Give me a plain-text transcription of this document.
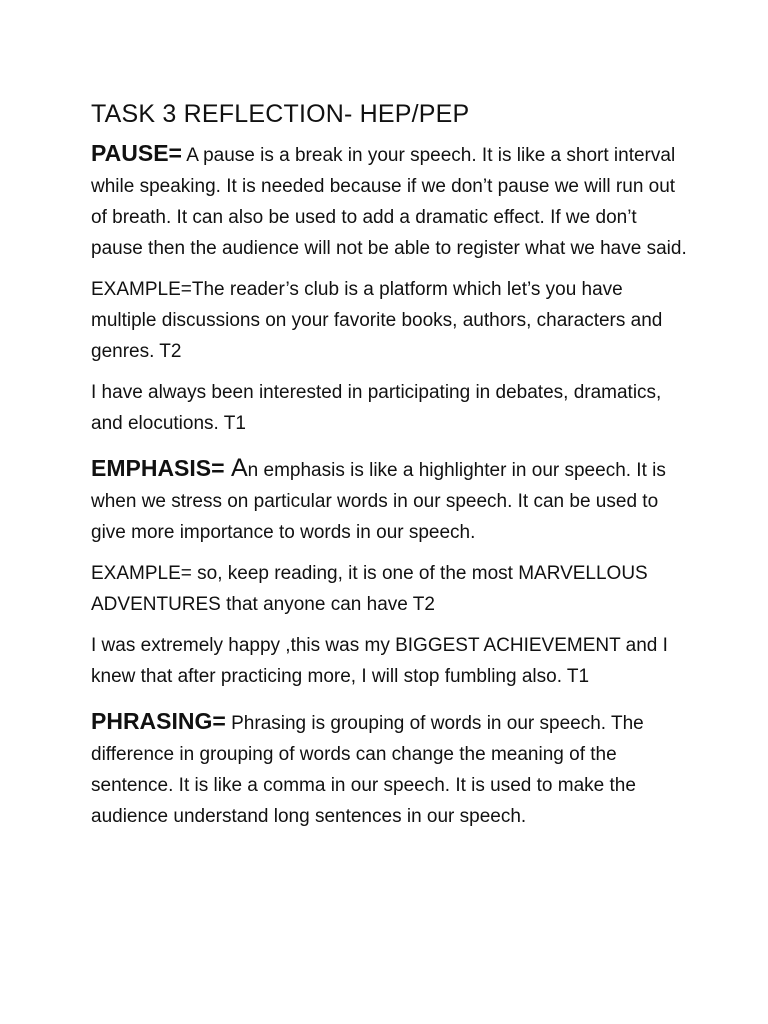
TASK 3 REFLECTION- HEP/PEP

PAUSE= A pause is a break in your speech. It is like a short interval while speaking. It is needed because if we don’t pause we will run out of breath. It can also be used to add a dramatic effect. If we don’t pause then the audience will not be able to register what we have said.

EXAMPLE=The reader’s club is a platform which let’s you have multiple discussions on your favorite books, authors, characters and genres. T2

I have always been interested in participating in debates, dramatics, and elocutions. T1

EMPHASIS= An emphasis is like a highlighter in our speech. It is when we stress on particular words in our speech. It can be used to give more importance to words in our speech.

EXAMPLE= so, keep reading, it is one of the most MARVELLOUS ADVENTURES that anyone can have T2

I was extremely happy ,this was my BIGGEST ACHIEVEMENT and I knew that after practicing more, I will stop fumbling also. T1

PHRASING= Phrasing is grouping of words in our speech. The difference in grouping of words can change the meaning of the sentence. It is like a comma in our speech. It is used to make the audience understand long sentences in our speech.
